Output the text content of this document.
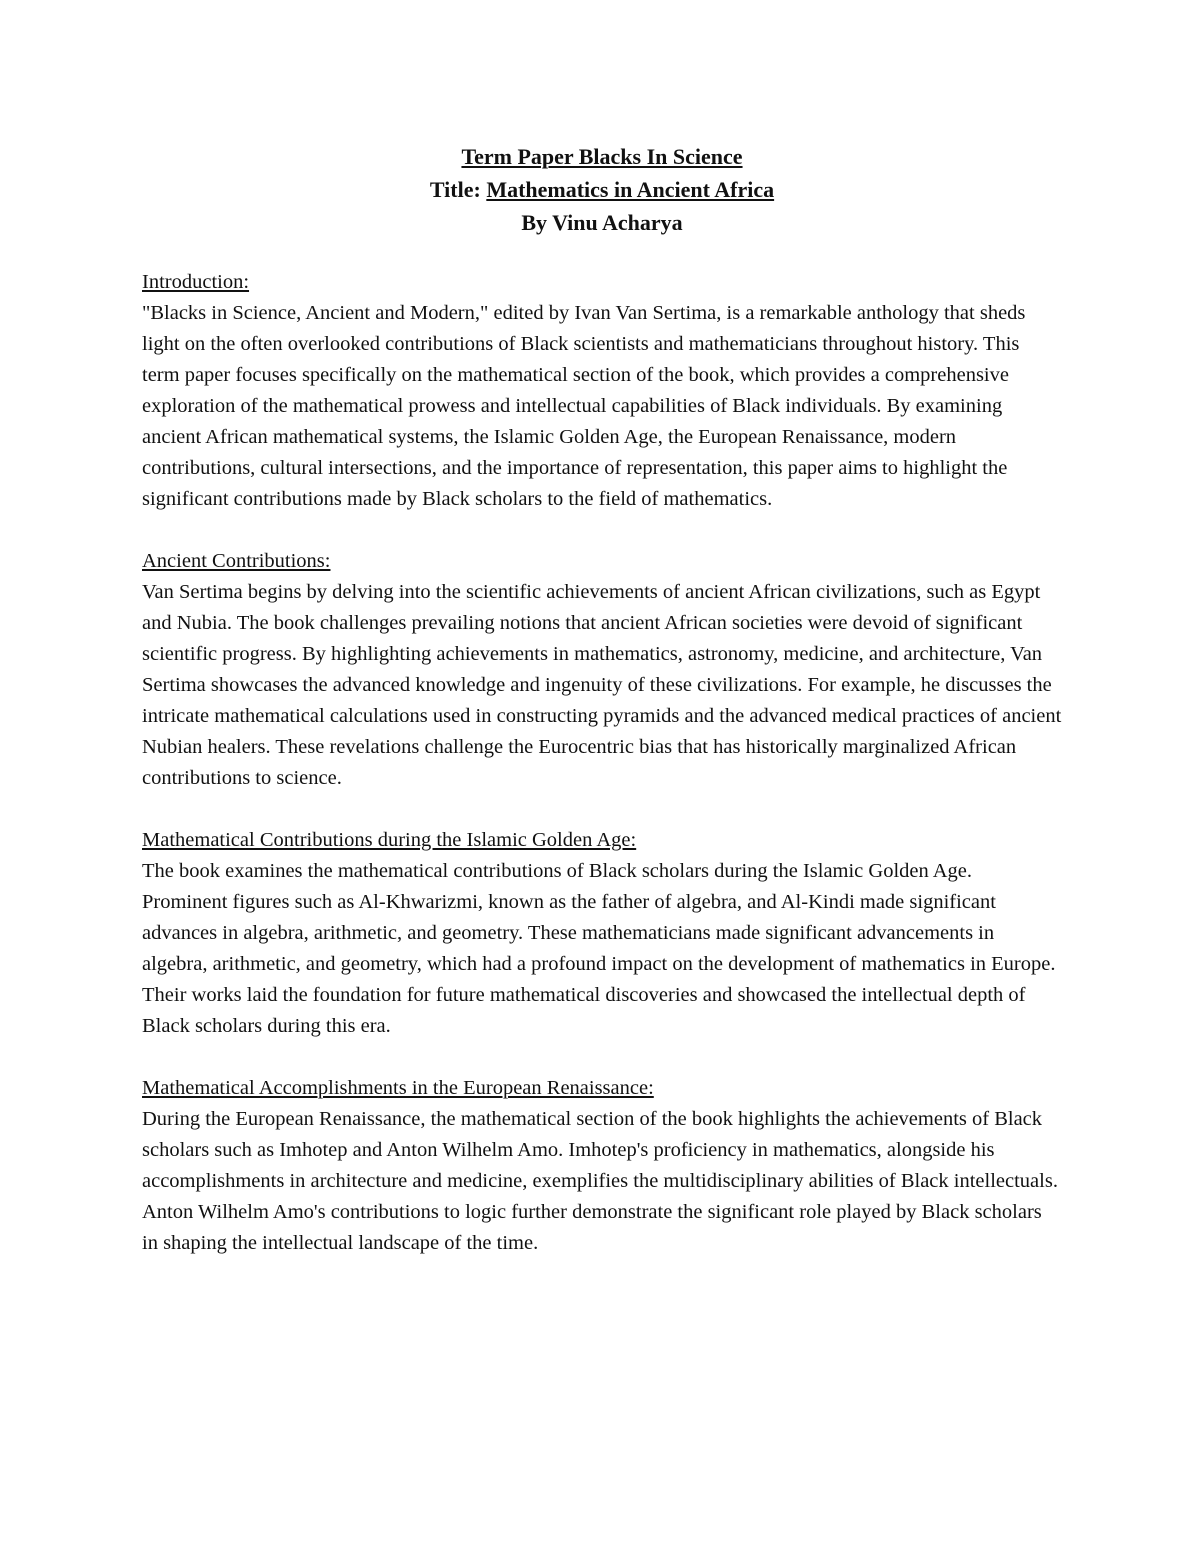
Term Paper Blacks In Science
Title: Mathematics in Ancient Africa
By Vinu Acharya
Introduction:
"Blacks in Science, Ancient and Modern," edited by Ivan Van Sertima, is a remarkable anthology that sheds light on the often overlooked contributions of Black scientists and mathematicians throughout history. This term paper focuses specifically on the mathematical section of the book, which provides a comprehensive exploration of the mathematical prowess and intellectual capabilities of Black individuals. By examining ancient African mathematical systems, the Islamic Golden Age, the European Renaissance, modern contributions, cultural intersections, and the importance of representation, this paper aims to highlight the significant contributions made by Black scholars to the field of mathematics.
Ancient Contributions:
Van Sertima begins by delving into the scientific achievements of ancient African civilizations, such as Egypt and Nubia. The book challenges prevailing notions that ancient African societies were devoid of significant scientific progress. By highlighting achievements in mathematics, astronomy, medicine, and architecture, Van Sertima showcases the advanced knowledge and ingenuity of these civilizations. For example, he discusses the intricate mathematical calculations used in constructing pyramids and the advanced medical practices of ancient Nubian healers. These revelations challenge the Eurocentric bias that has historically marginalized African contributions to science.
Mathematical Contributions during the Islamic Golden Age:
The book examines the mathematical contributions of Black scholars during the Islamic Golden Age. Prominent figures such as Al-Khwarizmi, known as the father of algebra, and Al-Kindi made significant advances in algebra, arithmetic, and geometry. These mathematicians made significant advancements in algebra, arithmetic, and geometry, which had a profound impact on the development of mathematics in Europe. Their works laid the foundation for future mathematical discoveries and showcased the intellectual depth of Black scholars during this era.
Mathematical Accomplishments in the European Renaissance:
During the European Renaissance, the mathematical section of the book highlights the achievements of Black scholars such as Imhotep and Anton Wilhelm Amo. Imhotep's proficiency in mathematics, alongside his accomplishments in architecture and medicine, exemplifies the multidisciplinary abilities of Black intellectuals. Anton Wilhelm Amo's contributions to logic further demonstrate the significant role played by Black scholars in shaping the intellectual landscape of the time.
